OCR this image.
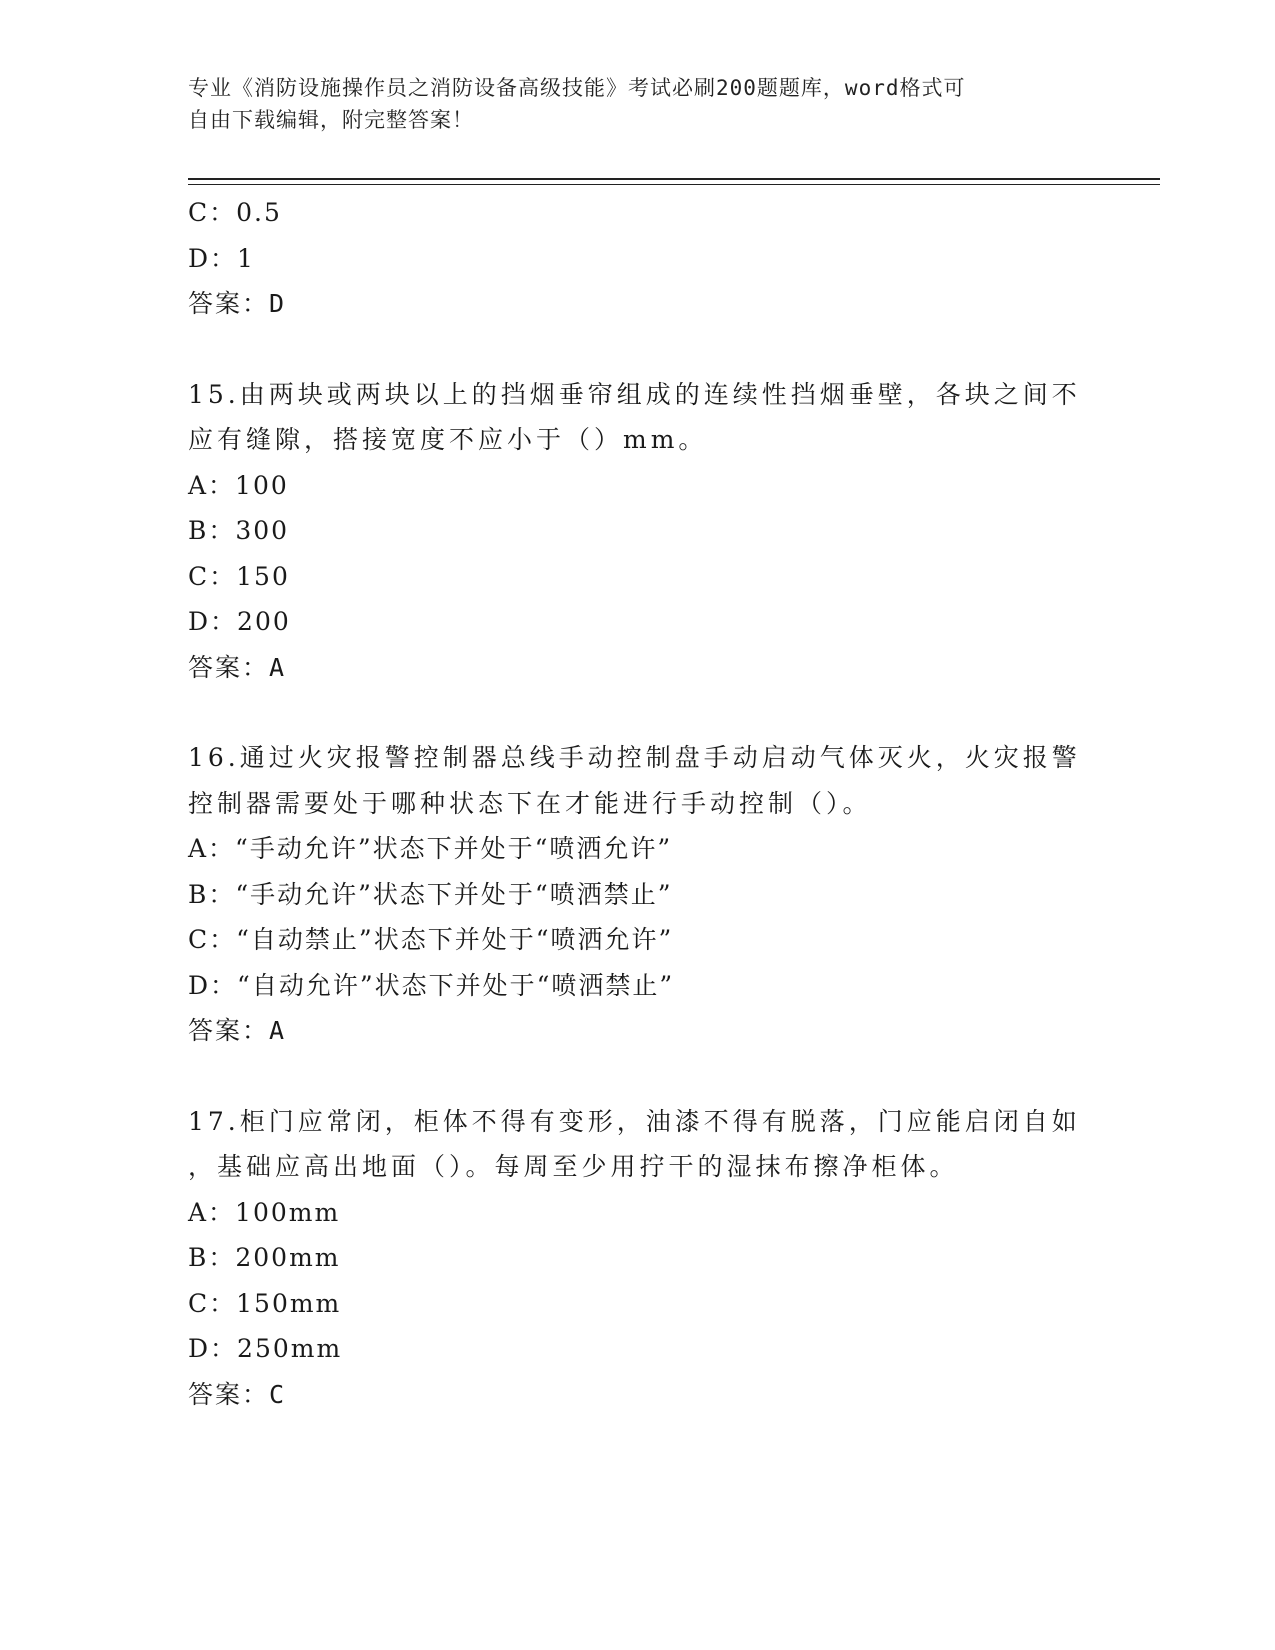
专业《消防设施操作员之消防设备高级技能》考试必刷200题题库，word格式可
自由下载编辑，附完整答案！
C：0.5
D：1
答案：D
15.由两块或两块以上的挡烟垂帘组成的连续性挡烟垂壁，各块之间不
应有缝隙，搭接宽度不应小于（）mm。
A：100
B：300
C：150
D：200
答案：A
16.通过火灾报警控制器总线手动控制盘手动启动气体灭火，火灾报警
控制器需要处于哪种状态下在才能进行手动控制（）。
A：“手动允许”状态下并处于“喷洒允许”
B：“手动允许”状态下并处于“喷洒禁止”
C：“自动禁止”状态下并处于“喷洒允许”
D：“自动允许”状态下并处于“喷洒禁止”
答案：A
17.柜门应常闭，柜体不得有变形，油漆不得有脱落，门应能启闭自如
，基础应高出地面（）。每周至少用拧干的湿抹布擦净柜体。
A：100mm
B：200mm
C：150mm
D：250mm
答案：C
